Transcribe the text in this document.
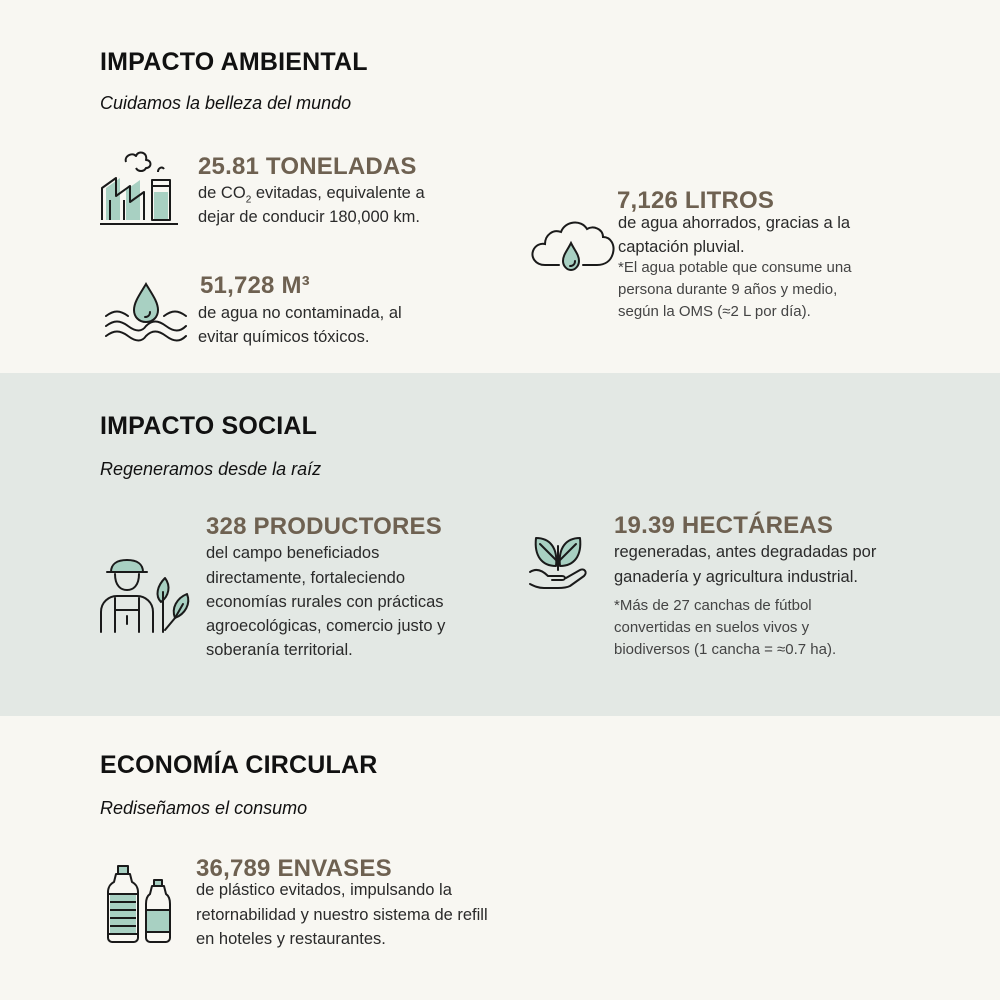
IMPACTO AMBIENTAL

Cuidamos la belleza del mundo

25.81 TONELADAS

de $CO_2$ evitadas, equivalente a

dejar de conducir 180,000 km.

51,728 M³

de agua no contaminada, al

evitar químicos tóxicos.

7,126 LITROS

de agua ahorrados, gracias a la

captación pluvial.

*El agua potable que consume una

persona durante 9 años y medio,

según la OMS (≈2 L por día).

IMPACTO SOCIAL

Regeneramos desde la raíz

328 PRODUCTORES

del campo beneficiados

directamente, fortaleciendo

economías rurales con prácticas

agroecológicas, comercio justo y

soberanía territorial.

19.39 HECTÁREAS

regeneradas, antes degradadas por

ganadería y agricultura industrial.

*Más de 27 canchas de fútbol

convertidas en suelos vivos y

biodiversos (1 cancha = ≈0.7 ha).

ECONOMÍA CIRCULAR

Rediseñamos el consumo

36,789 ENVASES

de plástico evitados, impulsando la

retornabilidad y nuestro sistema de refill

en hoteles y restaurantes.
